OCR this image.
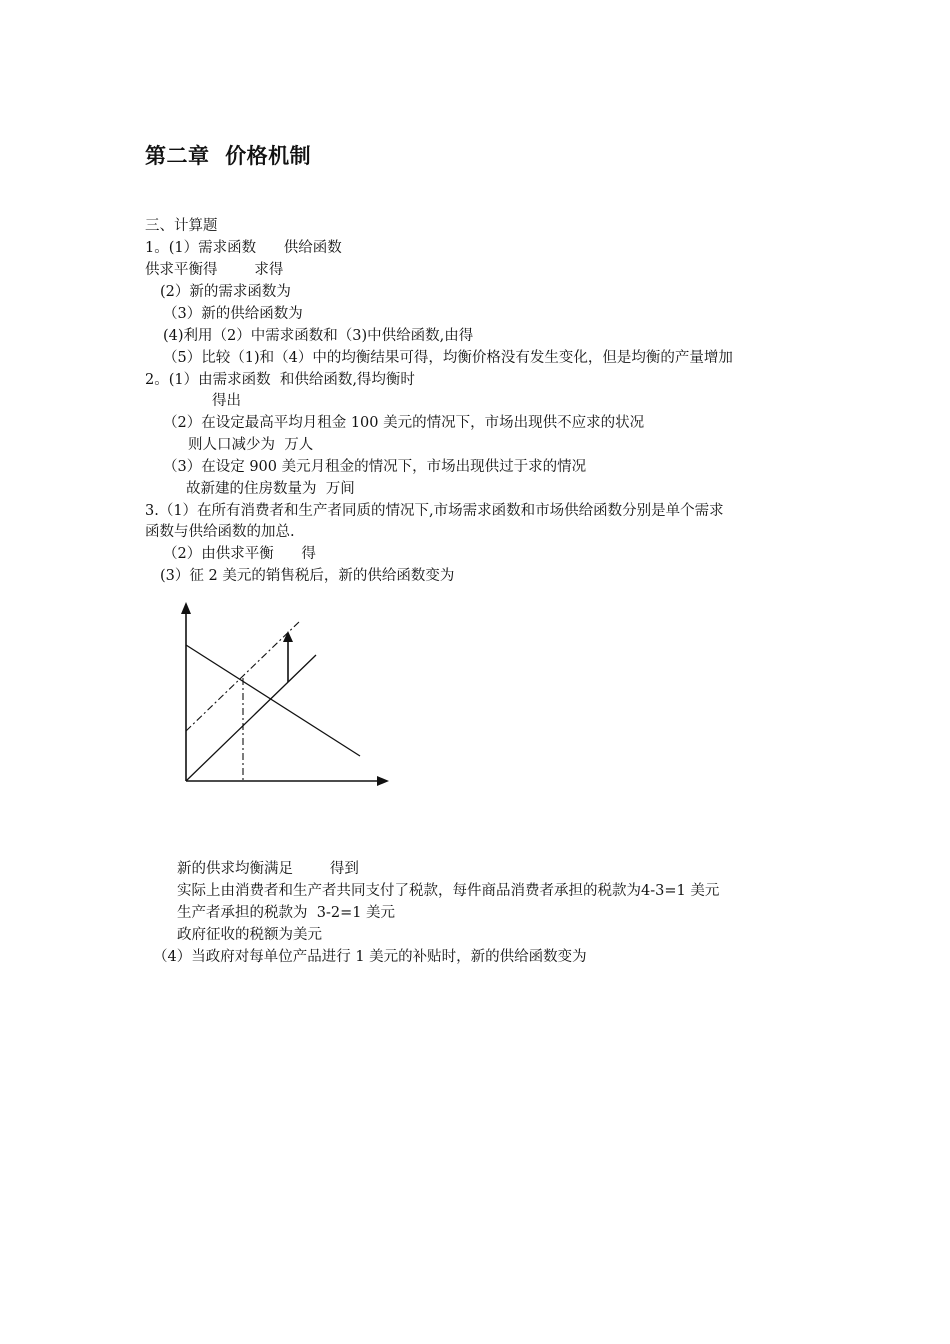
第二章  价格机制
三、计算题
1。(1）需求函数      供给函数
供求平衡得        求得
(2）新的需求函数为
（3）新的供给函数为
(4)利用（2）中需求函数和（3)中供给函数,由得
（5）比较（1)和（4）中的均衡结果可得，均衡价格没有发生变化，但是均衡的产量增加
2。(1）由需求函数  和供给函数,得均衡时
得出
（2）在设定最高平均月租金 100 美元的情况下，市场出现供不应求的状况
则人口减少为  万人
（3）在设定 900 美元月租金的情况下，市场出现供过于求的情况
故新建的住房数量为  万间
3.（1）在所有消费者和生产者同质的情况下,市场需求函数和市场供给函数分别是单个需求
函数与供给函数的加总.
（2）由供求平衡      得
(3）征 2 美元的销售税后，新的供给函数变为
新的供求均衡满足        得到
实际上由消费者和生产者共同支付了税款，每件商品消费者承担的税款为4-3=1 美元
生产者承担的税款为  3-2=1 美元
政府征收的税额为美元
（4）当政府对每单位产品进行 1 美元的补贴时，新的供给函数变为
